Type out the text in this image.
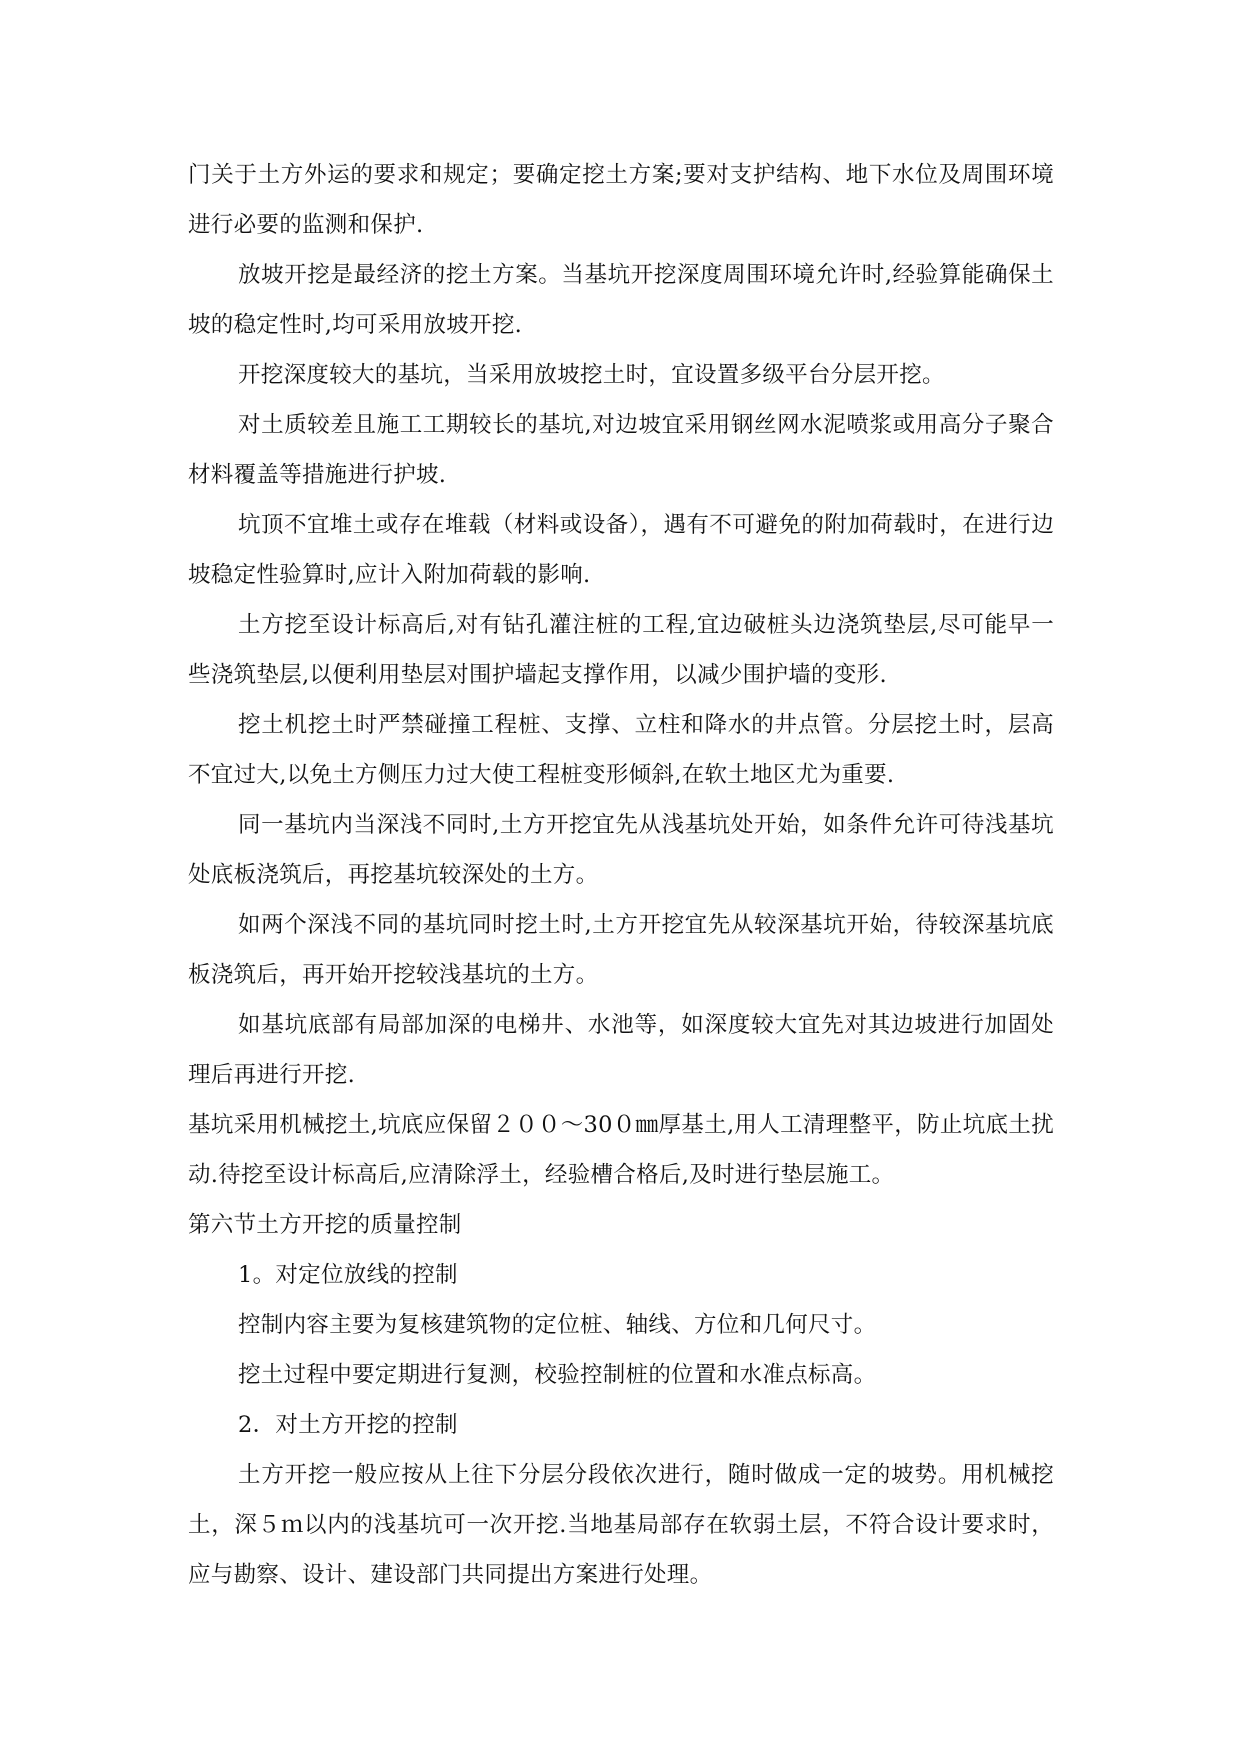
门关于土方外运的要求和规定；要确定挖土方案;要对支护结构、地下水位及周围环境进行必要的监测和保护.

放坡开挖是最经济的挖土方案。当基坑开挖深度周围环境允许时,经验算能确保土坡的稳定性时,均可采用放坡开挖.

开挖深度较大的基坑，当采用放坡挖土时，宜设置多级平台分层开挖。

对土质较差且施工工期较长的基坑,对边坡宜采用钢丝网水泥喷浆或用高分子聚合材料覆盖等措施进行护坡.

坑顶不宜堆土或存在堆载（材料或设备），遇有不可避免的附加荷载时，在进行边坡稳定性验算时,应计入附加荷载的影响.

土方挖至设计标高后,对有钻孔灌注桩的工程,宜边破桩头边浇筑垫层,尽可能早一些浇筑垫层,以便利用垫层对围护墙起支撑作用，以减少围护墙的变形.

挖土机挖土时严禁碰撞工程桩、支撑、立柱和降水的井点管。分层挖土时，层高不宜过大,以免土方侧压力过大使工程桩变形倾斜,在软土地区尤为重要.

同一基坑内当深浅不同时,土方开挖宜先从浅基坑处开始，如条件允许可待浅基坑处底板浇筑后，再挖基坑较深处的土方。

如两个深浅不同的基坑同时挖土时,土方开挖宜先从较深基坑开始，待较深基坑底板浇筑后，再开始开挖较浅基坑的土方。

如基坑底部有局部加深的电梯井、水池等，如深度较大宜先对其边坡进行加固处理后再进行开挖.

基坑采用机械挖土,坑底应保留２００～30０㎜厚基土,用人工清理整平，防止坑底土扰动.待挖至设计标高后,应清除浮土，经验槽合格后,及时进行垫层施工。

第六节土方开挖的质量控制

1。对定位放线的控制

控制内容主要为复核建筑物的定位桩、轴线、方位和几何尺寸。

挖土过程中要定期进行复测，校验控制桩的位置和水准点标高。

2．对土方开挖的控制

土方开挖一般应按从上往下分层分段依次进行，随时做成一定的坡势。用机械挖土，深５ｍ以内的浅基坑可一次开挖.当地基局部存在软弱土层，不符合设计要求时，应与勘察、设计、建设部门共同提出方案进行处理。
